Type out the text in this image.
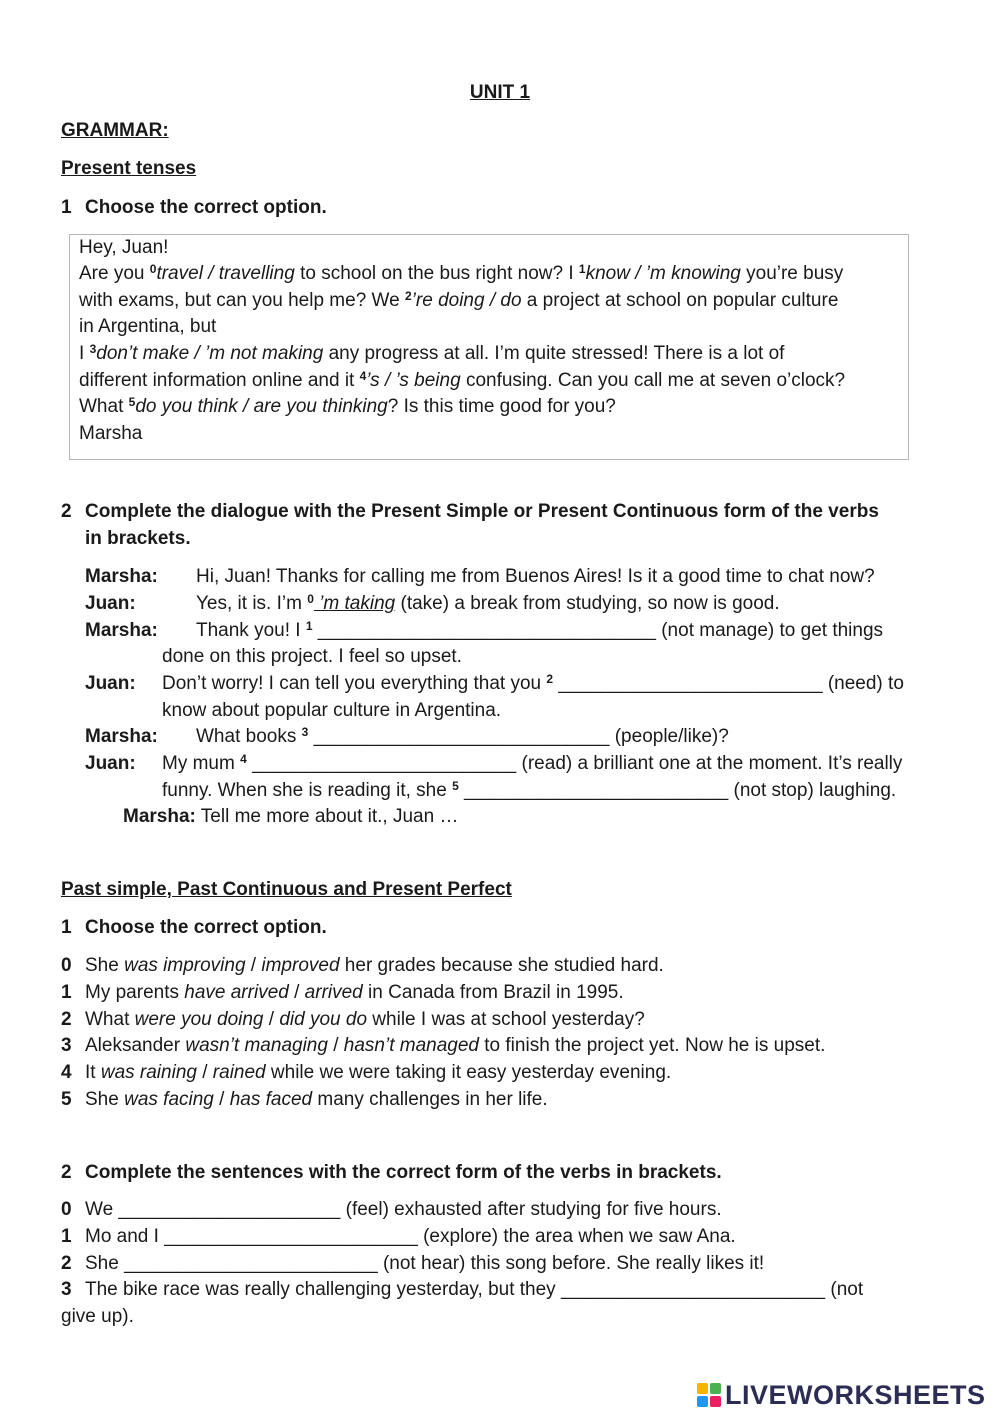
UNIT 1
GRAMMAR:
Present tenses
1 Choose the correct option.
Hey, Juan!
Are you $^0$travel / travelling to school on the bus right now? I $^1$know / ’m knowing you’re busy
with exams, but can you help me? We $^2$’re doing / do a project at school on popular culture
in Argentina, but
I $^3$don’t make / ’m not making any progress at all. I’m quite stressed! There is a lot of
different information online and it $^4$’s / ’s being confusing. Can you call me at seven o’clock?
What $^5$do you think / are you thinking? Is this time good for you?
Marsha
2 Complete the dialogue with the Present Simple or Present Continuous form of the verbs
in brackets.
Marsha: Hi, Juan! Thanks for calling me from Buenos Aires! Is it a good time to chat now?
Juan:	Yes, it is. I’m $^0$ ’m taking (take) a break from studying, so now is good.
Marsha: Thank you! I $^1$ ________________________________ (not manage) to get things
done on this project. I feel so upset.
Juan: Don’t worry! I can tell you everything that you $^2$ _________________________ (need) to
know about popular culture in Argentina.
Marsha: What books $^3$ ____________________________ (people/like)?
Juan: My mum $^4$ _________________________ (read) a brilliant one at the moment. It’s really
funny. When she is reading it, she $^5$ _________________________ (not stop) laughing.
Marsha: Tell me more about it., Juan …
Past simple, Past Continuous and Present Perfect
1 Choose the correct option.
0 She was improving / improved her grades because she studied hard.
1 My parents have arrived / arrived in Canada from Brazil in 1995.
2 What were you doing / did you do while I was at school yesterday?
3 Aleksander wasn’t managing / hasn’t managed to finish the project yet. Now he is upset.
4 It was raining / rained while we were taking it easy yesterday evening.
5 She was facing / has faced many challenges in her life.
2 Complete the sentences with the correct form of the verbs in brackets.
0 We _____________________ (feel) exhausted after studying for five hours.
1 Mo and I ________________________ (explore) the area when we saw Ana.
2 She ________________________ (not hear) this song before. She really likes it!
3 The bike race was really challenging yesterday, but they _________________________ (not
give up).
LIVEWORKSHEETS
